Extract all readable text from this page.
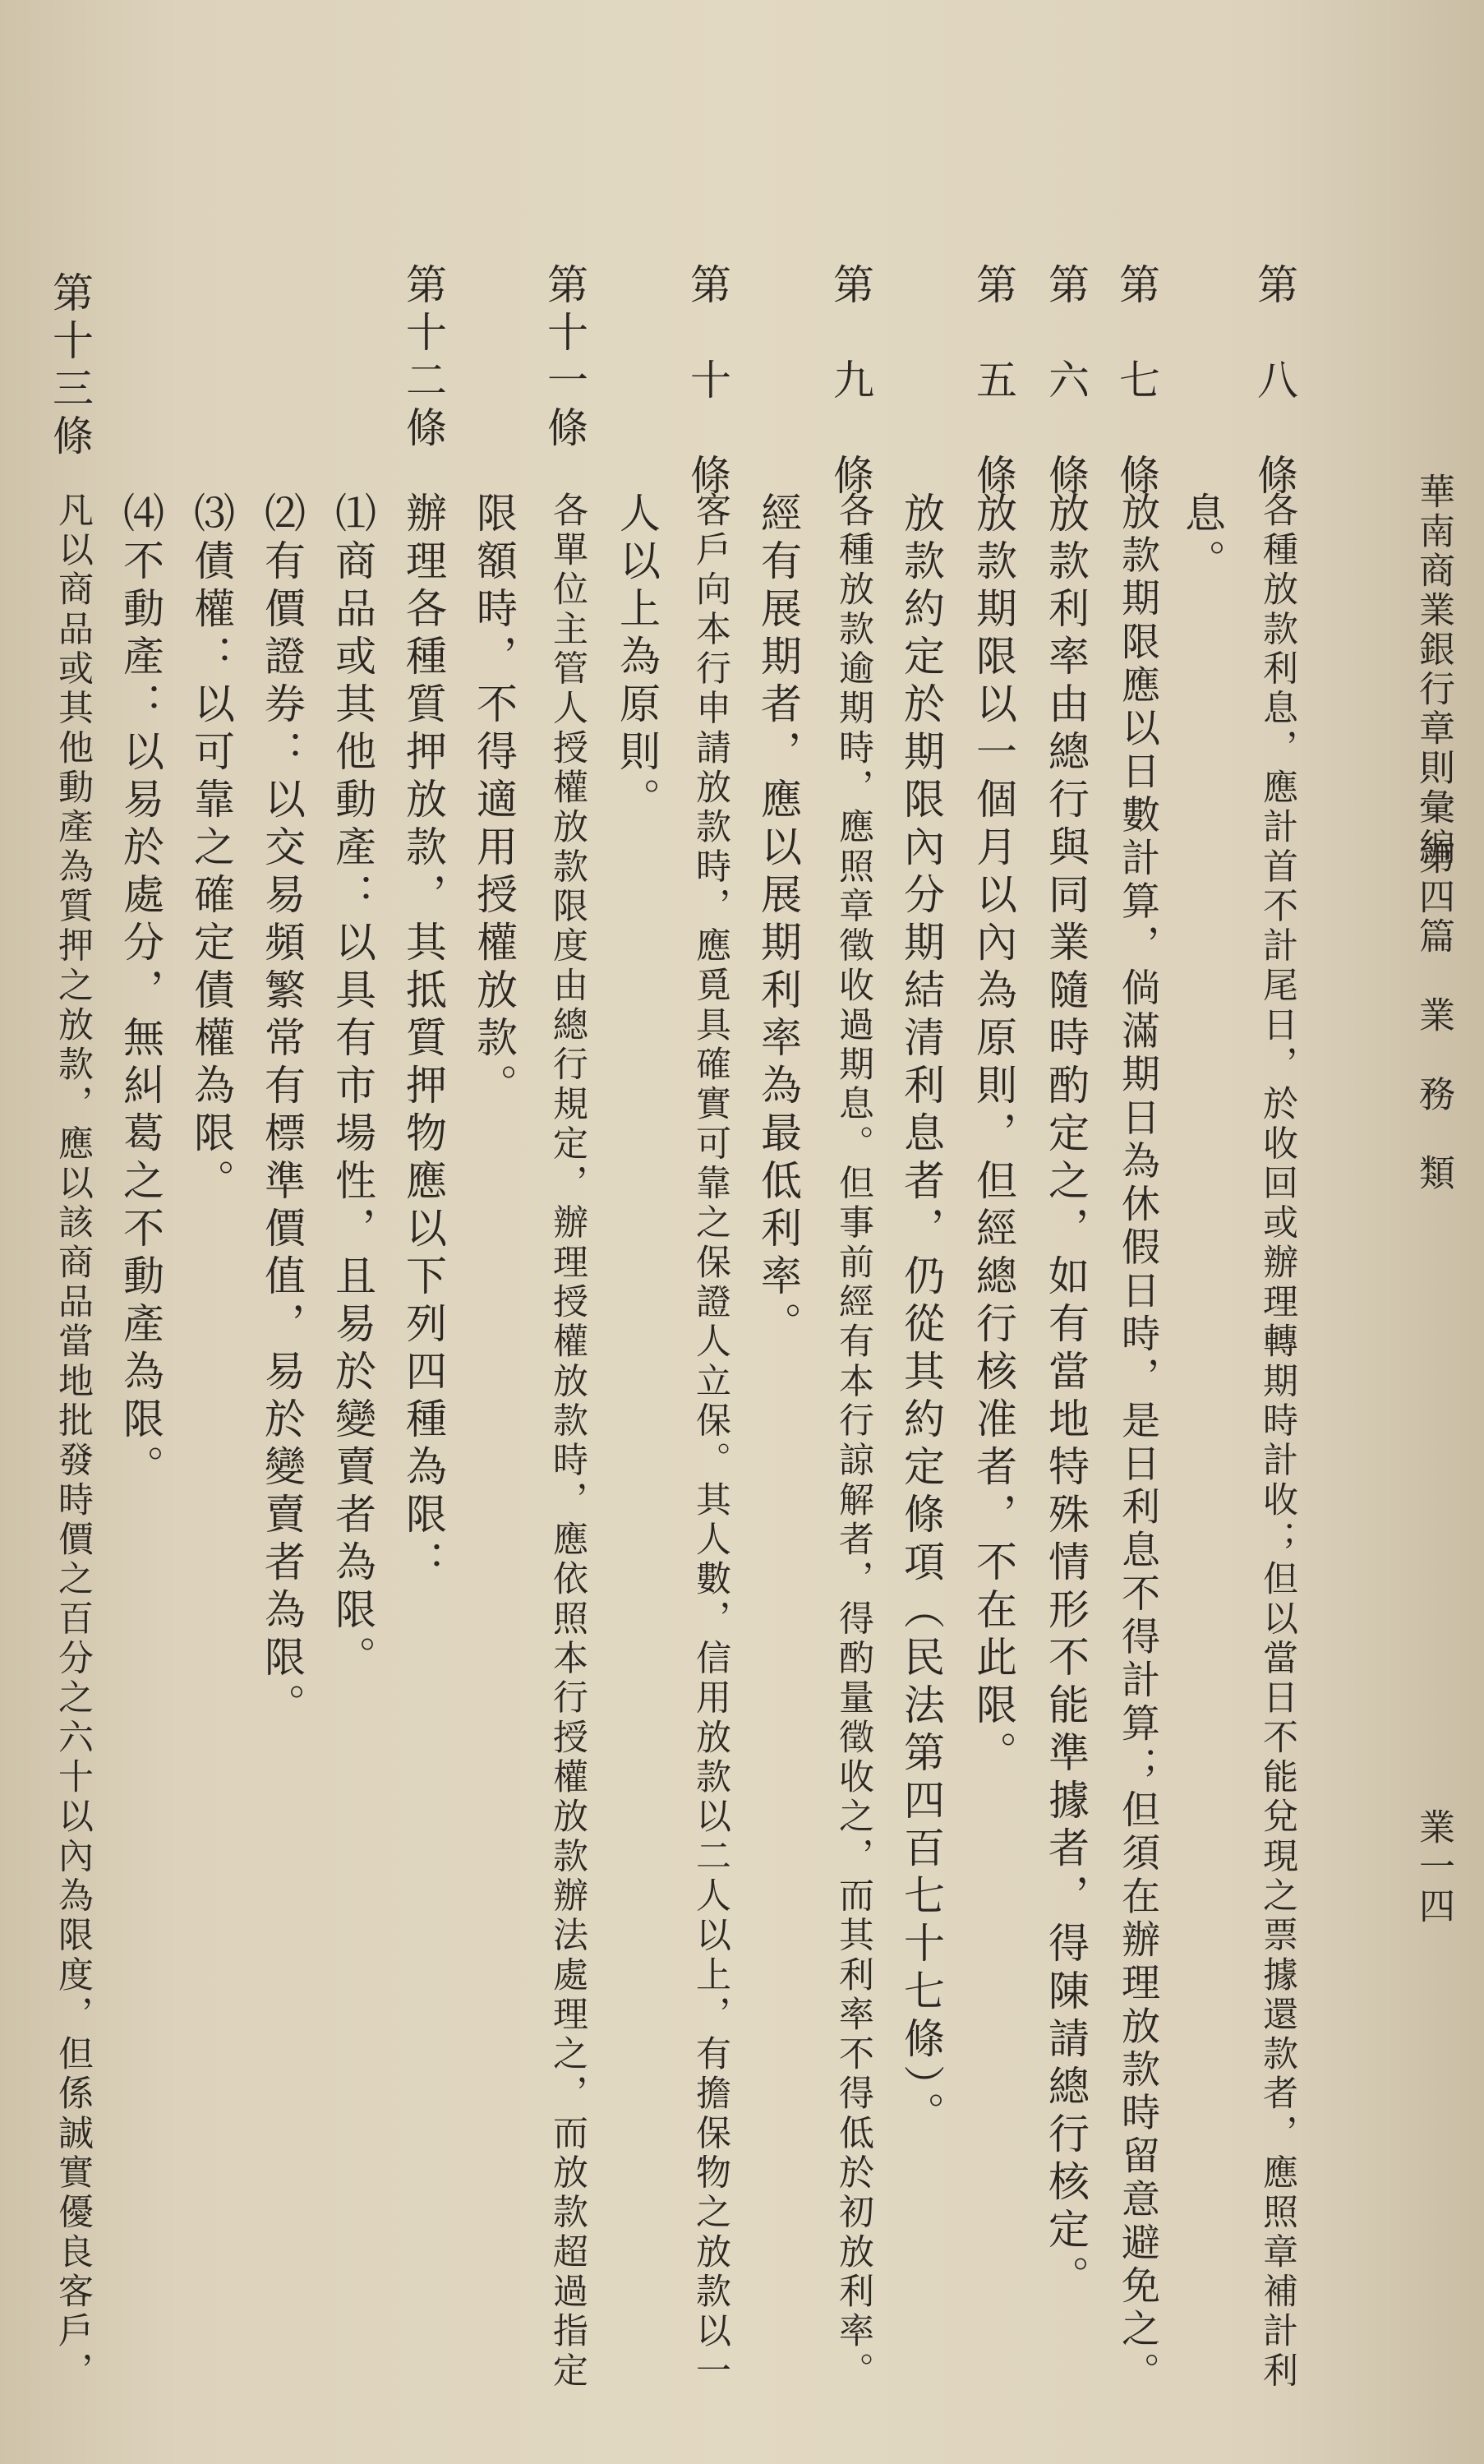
華南商業銀行章則彙編
第四篇　業　務　類
業一四
第　八　條
各種放款利息，應計首不計尾日，於收回或辦理轉期時計收；但以當日不能兌現之票據還款者，應照章補計利
息。
第　七　條
放款期限應以日數計算，倘滿期日為休假日時，是日利息不得計算；但須在辦理放款時留意避免之。
第　六　條
放款利率由總行與同業隨時酌定之，如有當地特殊情形不能準據者，得陳請總行核定。
第　五　條
放款期限以一個月以內為原則，但經總行核准者，不在此限。
放款約定於期限內分期結清利息者，仍從其約定條項（民法第四百七十七條）。
第　九　條
各種放款逾期時，應照章徵收過期息。但事前經有本行諒解者，得酌量徵收之，而其利率不得低於初放利率。
經有展期者，應以展期利率為最低利率。
第　十　條
客戶向本行申請放款時，應覓具確實可靠之保證人立保。其人數，信用放款以二人以上，有擔保物之放款以一
人以上為原則。
第十一條
各單位主管人授權放款限度由總行規定，辦理授權放款時，應依照本行授權放款辦法處理之，而放款超過指定
限額時，不得適用授權放款。
第十二條
辦理各種質押放款，其抵質押物應以下列四種為限：
⑴商品或其他動產：以具有市場性，且易於變賣者為限。
⑵有價證券：以交易頻繁常有標準價值，易於變賣者為限。
⑶債權：以可靠之確定債權為限。
⑷不動產：以易於處分，無糾葛之不動產為限。
第十三條
凡以商品或其他動產為質押之放款，應以該商品當地批發時價之百分之六十以內為限度，但係誠實優良客戶，
